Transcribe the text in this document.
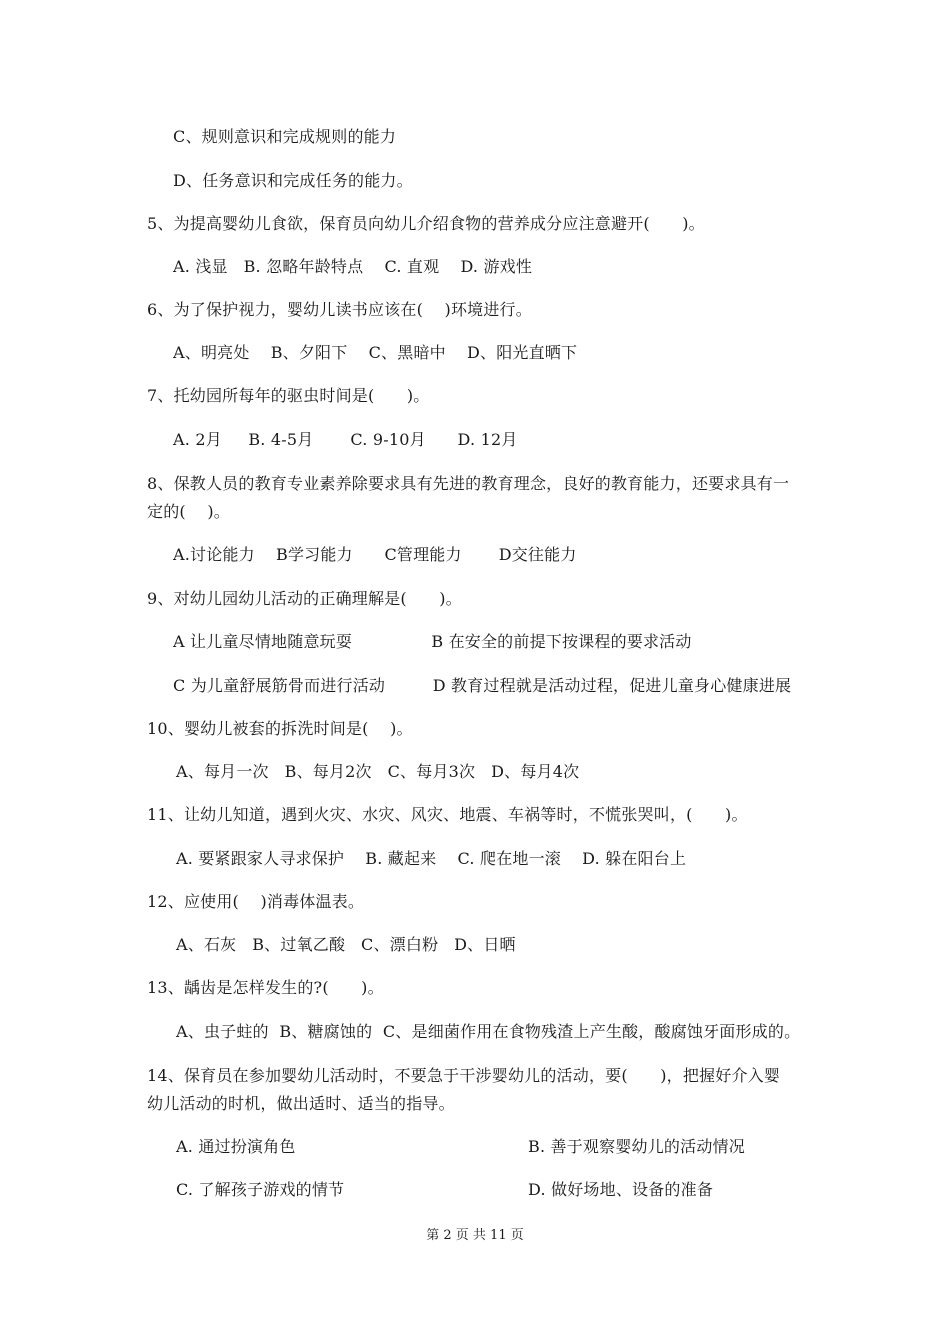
C、规则意识和完成规则的能力
D、任务意识和完成任务的能力。
5、为提高婴幼儿食欲，保育员向幼儿介绍食物的营养成分应注意避开(　　)。
A. 浅显   B. 忽略年龄特点    C. 直观    D. 游戏性
6、为了保护视力，婴幼儿读书应该在(　 )环境进行。
A、明亮处    B、夕阳下    C、黑暗中    D、阳光直晒下
7、托幼园所每年的驱虫时间是(　　)。
A. 2月     B. 4-5月       C. 9-10月      D. 12月
8、保教人员的教育专业素养除要求具有先进的教育理念，良好的教育能力，还要求具有一
定的(　 )。
A.讨论能力    B学习能力      C管理能力       D交往能力
9、对幼儿园幼儿活动的正确理解是(　　)。
A 让儿童尽情地随意玩耍               B 在安全的前提下按课程的要求活动
C 为儿童舒展筋骨而进行活动         D 教育过程就是活动过程，促进儿童身心健康进展
10、婴幼儿被套的拆洗时间是(　 )。
A、每月一次   B、每月2次   C、每月3次   D、每月4次
11、让幼儿知道，遇到火灾、水灾、风灾、地震、车祸等时，不慌张哭叫，(　　)。
A. 要紧跟家人寻求保护    B. 藏起来    C. 爬在地一滚    D. 躲在阳台上
12、应使用(　 )消毒体温表。
A、石灰   B、过氧乙酸   C、漂白粉   D、日晒
13、龋齿是怎样发生的?(　　)。
A、虫子蛀的  B、糖腐蚀的  C、是细菌作用在食物残渣上产生酸，酸腐蚀牙面形成的。
14、保育员在参加婴幼儿活动时，不要急于干涉婴幼儿的活动，要(　　)，把握好介入婴
幼儿活动的时机，做出适时、适当的指导。
A. 通过扮演角色	B. 善于观察婴幼儿的活动情况
C. 了解孩子游戏的情节	D. 做好场地、设备的准备
第 2 页 共 11 页
